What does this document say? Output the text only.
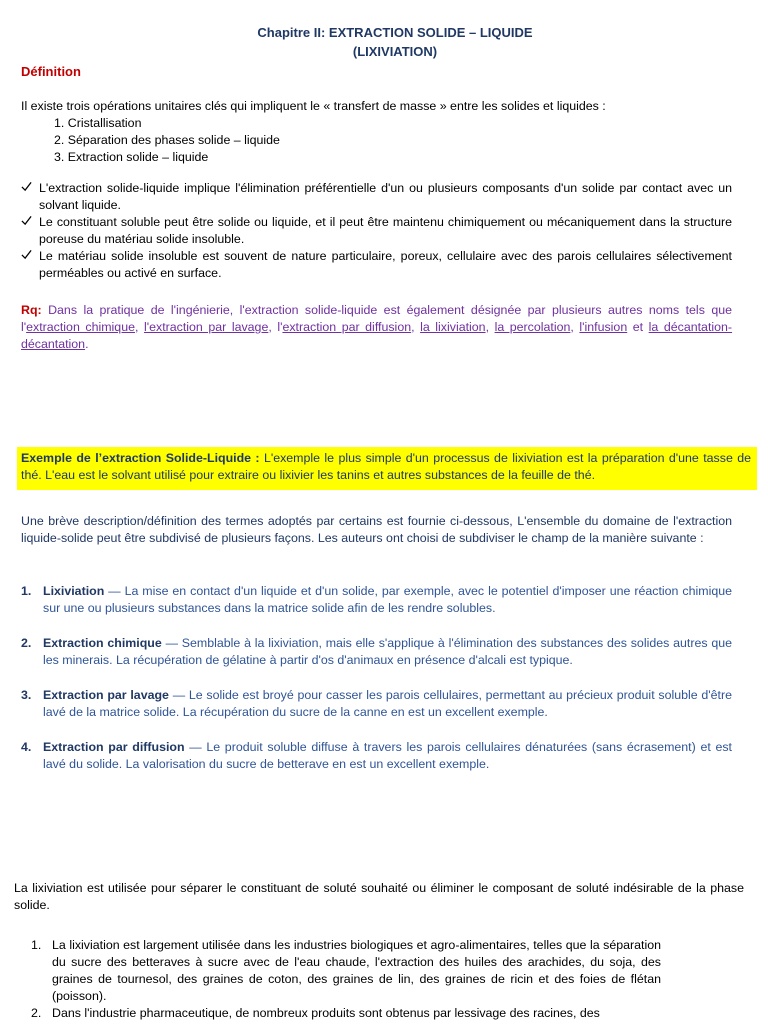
Chapitre II: EXTRACTION SOLIDE – LIQUIDE
(LIXIVIATION)
Définition
Il existe trois opérations unitaires clés qui impliquent le « transfert de masse » entre les solides et liquides :
1. Cristallisation
2. Séparation des phases solide – liquide
3. Extraction solide – liquide
L'extraction solide-liquide implique l'élimination préférentielle d'un ou plusieurs composants d'un solide par contact avec un solvant liquide.
Le constituant soluble peut être solide ou liquide, et il peut être maintenu chimiquement ou mécaniquement dans la structure poreuse du matériau solide insoluble.
Le matériau solide insoluble est souvent de nature particulaire, poreux, cellulaire avec des parois cellulaires sélectivement perméables ou activé en surface.
Rq: Dans la pratique de l'ingénierie, l'extraction solide-liquide est également désignée par plusieurs autres noms tels que l'extraction chimique, l'extraction par lavage, l'extraction par diffusion, la lixiviation, la percolation, l'infusion et la décantation-décantation.
Exemple de l’extraction Solide-Liquide : L'exemple le plus simple d'un processus de lixiviation est la préparation d'une tasse de thé. L'eau est le solvant utilisé pour extraire ou lixivier les tanins et autres substances de la feuille de thé.
Une brève description/définition des termes adoptés par certains est fournie ci-dessous, L'ensemble du domaine de l'extraction liquide-solide peut être subdivisé de plusieurs façons. Les auteurs ont choisi de subdiviser le champ de la manière suivante :
1. Lixiviation — La mise en contact d'un liquide et d'un solide, par exemple, avec le potentiel d'imposer une réaction chimique sur une ou plusieurs substances dans la matrice solide afin de les rendre solubles.
2. Extraction chimique — Semblable à la lixiviation, mais elle s'applique à l'élimination des substances des solides autres que les minerais. La récupération de gélatine à partir d'os d'animaux en présence d'alcali est typique.
3. Extraction par lavage — Le solide est broyé pour casser les parois cellulaires, permettant au précieux produit soluble d'être lavé de la matrice solide. La récupération du sucre de la canne en est un excellent exemple.
4. Extraction par diffusion — Le produit soluble diffuse à travers les parois cellulaires dénaturées (sans écrasement) et est lavé du solide. La valorisation du sucre de betterave en est un excellent exemple.
La lixiviation est utilisée pour séparer le constituant de soluté souhaité ou éliminer le composant de soluté indésirable de la phase solide.
1. La lixiviation est largement utilisée dans les industries biologiques et agro-alimentaires, telles que la séparation du sucre des betteraves à sucre avec de l'eau chaude, l'extraction des huiles des arachides, du soja, des graines de tournesol, des graines de coton, des graines de lin, des graines de ricin et des foies de flétan (poisson).
2. Dans l'industrie pharmaceutique, de nombreux produits sont obtenus par lessivage des racines, des
